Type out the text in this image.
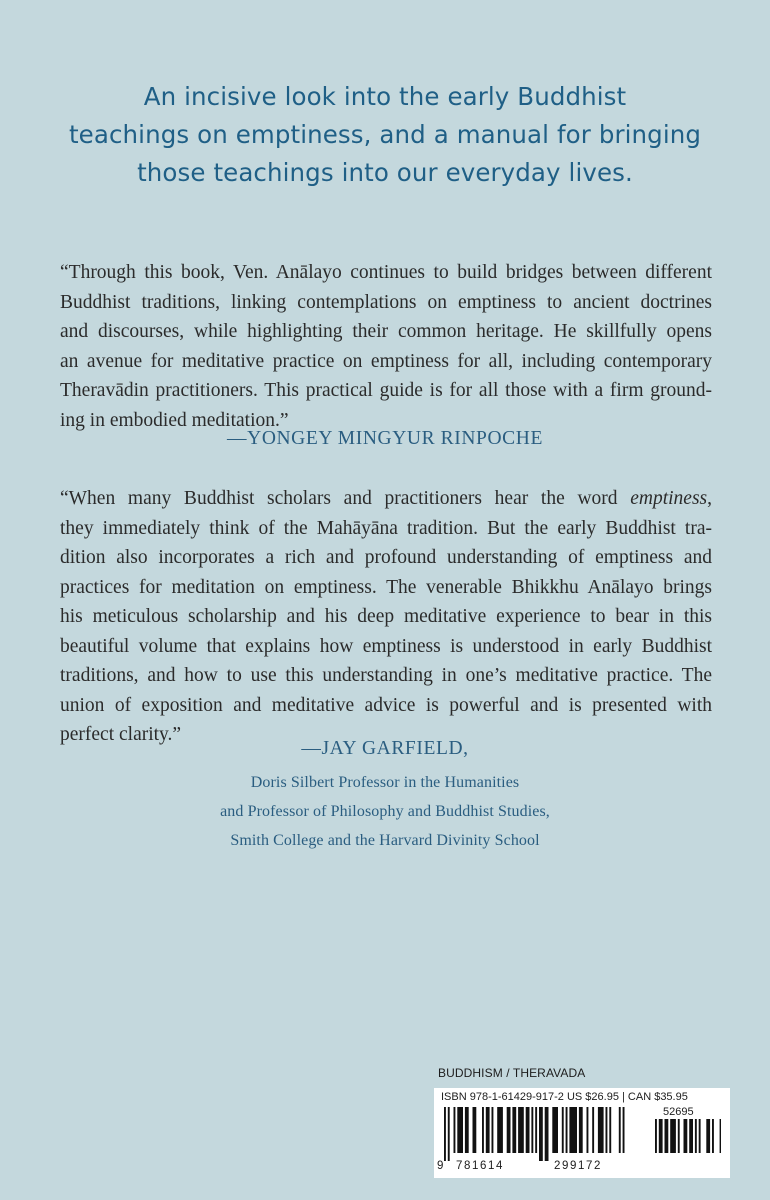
An incisive look into the early Buddhist
teachings on emptiness, and a manual for bringing
those teachings into our everyday lives.
“Through this book, Ven. Anālayo continues to build bridges between different
Buddhist traditions, linking contemplations on emptiness to ancient doctrines
and discourses, while highlighting their common heritage. He skillfully opens
an avenue for meditative practice on emptiness for all, including contemporary
Theravādin practitioners. This practical guide is for all those with a firm ground-
ing in embodied meditation.”
—YONGEY MINGYUR RINPOCHE
“When many Buddhist scholars and practitioners hear the word emptiness,
they immediately think of the Mahāyāna tradition. But the early Buddhist tra-
dition also incorporates a rich and profound understanding of emptiness and
practices for meditation on emptiness. The venerable Bhikkhu Anālayo brings
his meticulous scholarship and his deep meditative experience to bear in this
beautiful volume that explains how emptiness is understood in early Buddhist
traditions, and how to use this understanding in one’s meditative practice. The
union of exposition and meditative advice is powerful and is presented with
perfect clarity.”
—JAY GARFIELD,
Doris Silbert Professor in the Humanities
and Professor of Philosophy and Buddhist Studies,
Smith College and the Harvard Divinity School
BUDDHISM / THERAVADA
ISBN 978-1-61429-917-2 US $26.95 | CAN $35.95
52695
9 781614	299172
